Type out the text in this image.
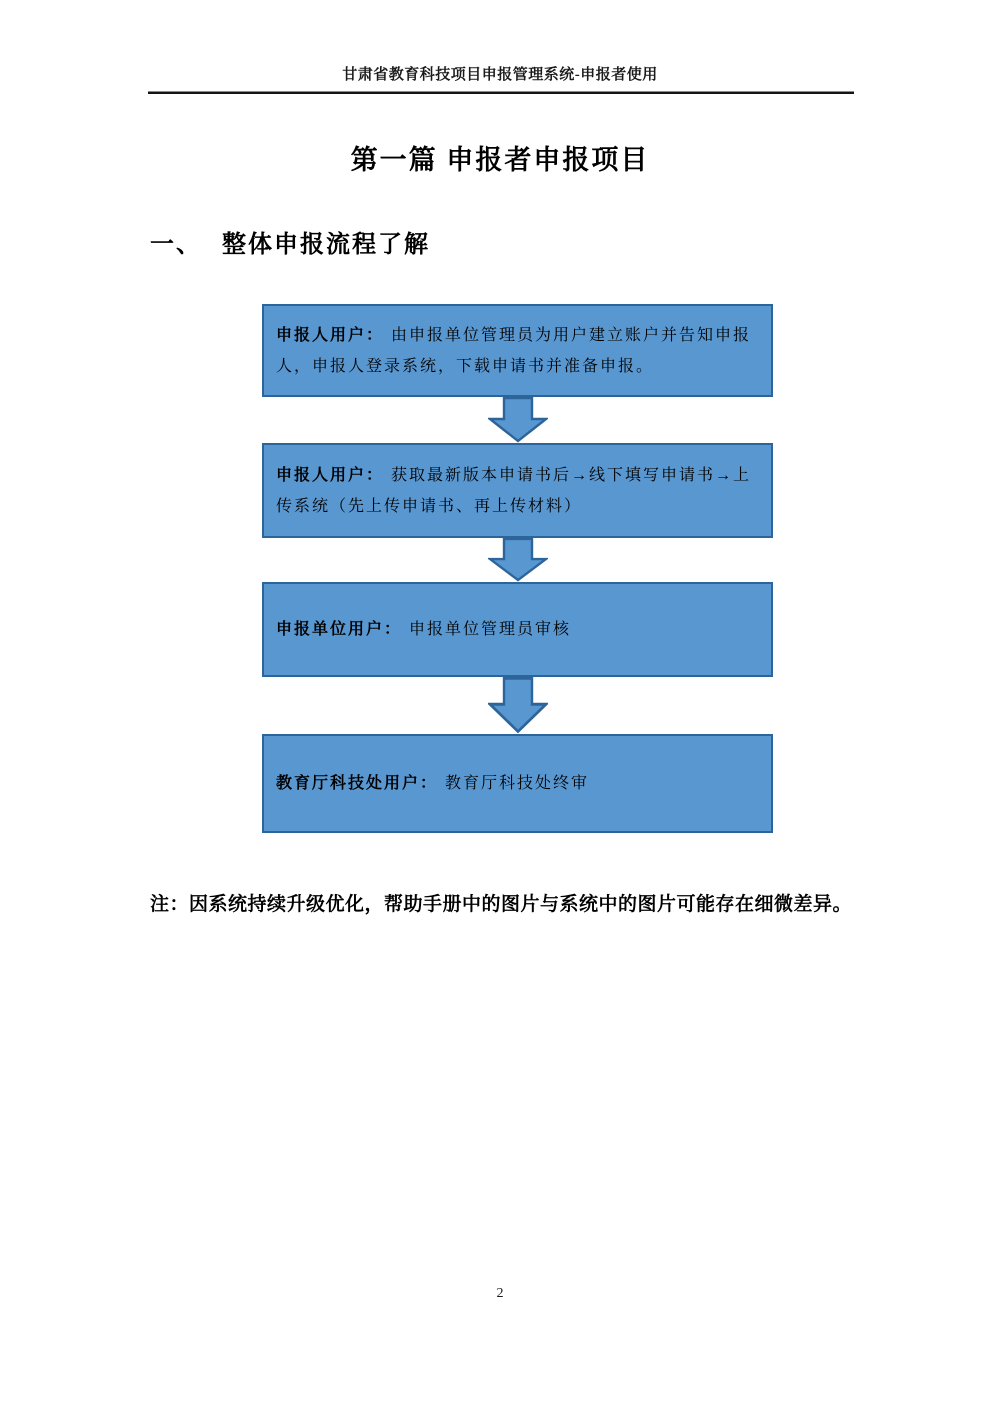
甘肃省教育科技项目申报管理系统-申报者使用
第一篇 申报者申报项目
一、 整体申报流程了解

申报人用户： 由申报单位管理员为用户建立账户并告知申报人，申报人登录系统，下载申请书并准备申报。

申报人用户： 获取最新版本申请书后→线下填写申请书→上传系统（先上传申请书、再上传材料）

申报单位用户： 申报单位管理员审核

教育厅科技处用户： 教育厅科技处终审

注：因系统持续升级优化，帮助手册中的图片与系统中的图片可能存在细微差异。

2
